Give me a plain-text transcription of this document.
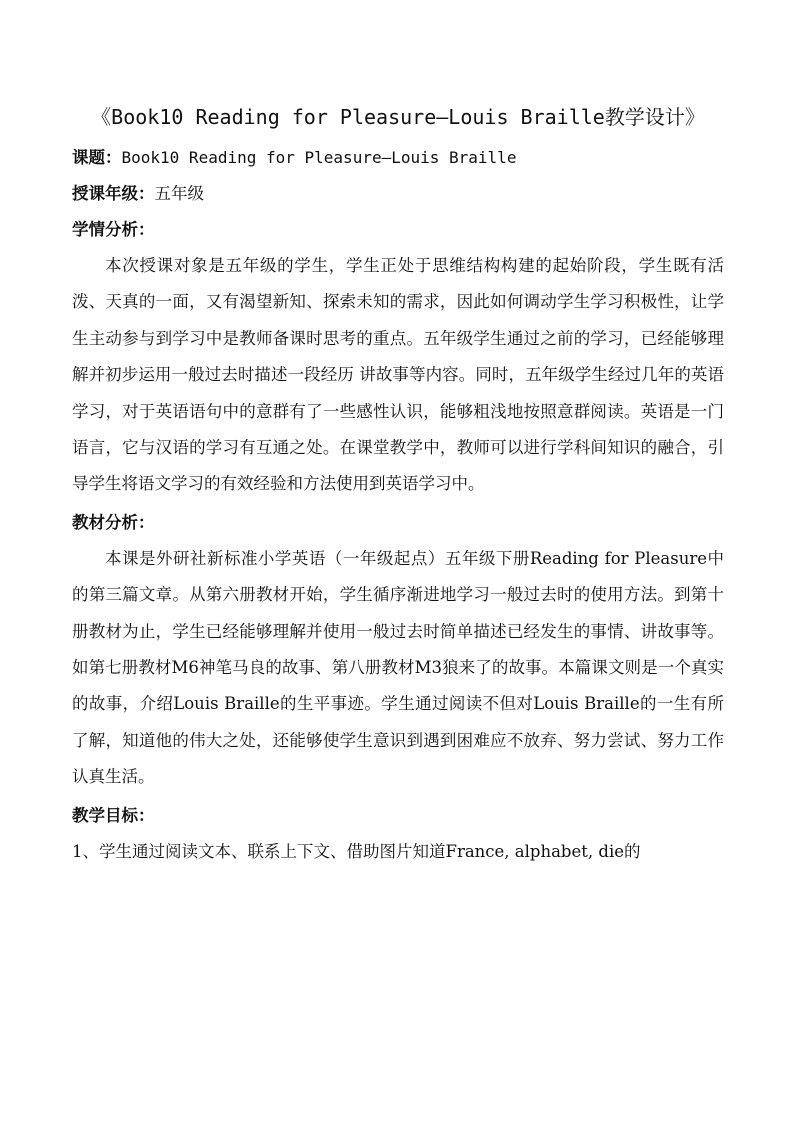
《Book10 Reading for Pleasure—Louis Braille教学设计》
课题：Book10 Reading for Pleasure—Louis Braille
授课年级：五年级
学情分析：

本次授课对象是五年级的学生，学生正处于思维结构构建的起始阶段，学生既有活泼、天真的一面，又有渴望新知、探索未知的需求，因此如何调动学生学习积极性，让学生主动参与到学习中是教师备课时思考的重点。五年级学生通过之前的学习，已经能够理解并初步运用一般过去时描述一段经历 讲故事等内容。同时，五年级学生经过几年的英语学习，对于英语语句中的意群有了一些感性认识，能够粗浅地按照意群阅读。英语是一门语言，它与汉语的学习有互通之处。在课堂教学中，教师可以进行学科间知识的融合，引导学生将语文学习的有效经验和方法使用到英语学习中。

教材分析：

本课是外研社新标准小学英语（一年级起点）五年级下册Reading for Pleasure中的第三篇文章。从第六册教材开始，学生循序渐进地学习一般过去时的使用方法。到第十册教材为止，学生已经能够理解并使用一般过去时简单描述已经发生的事情、讲故事等。如第七册教材M6神笔马良的故事、第八册教材M3狼来了的故事。本篇课文则是一个真实的故事，介绍Louis Braille的生平事迹。学生通过阅读不但对Louis Braille的一生有所了解，知道他的伟大之处，还能够使学生意识到遇到困难应不放弃、努力尝试、努力工作认真生活。

教学目标：

1、学生通过阅读文本、联系上下文、借助图片知道France, alphabet, die的
